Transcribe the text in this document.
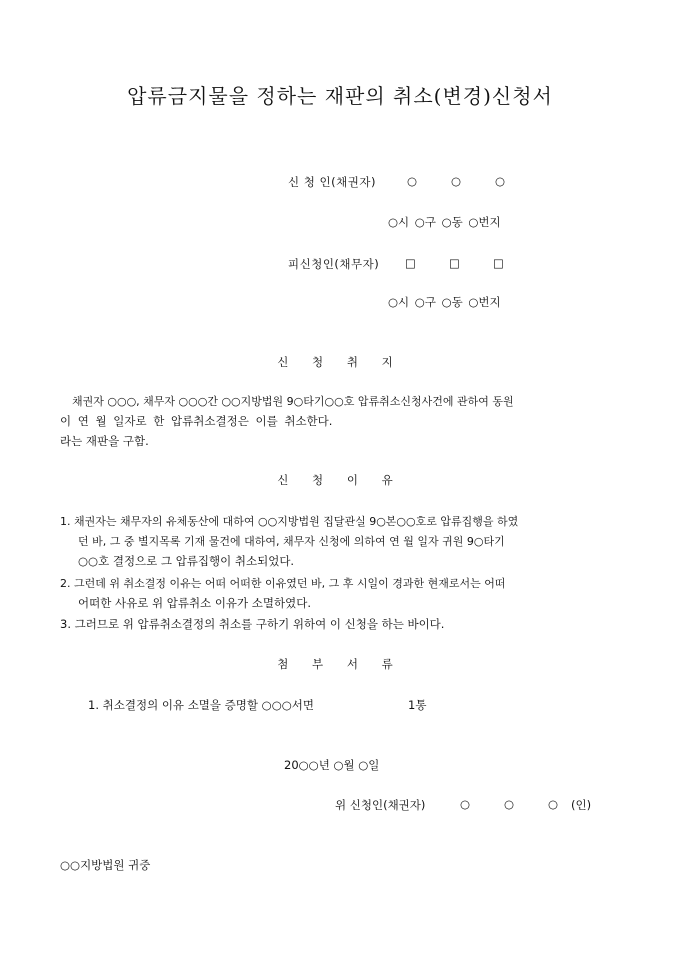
압류금지물을 정하는 재판의 취소(변경)신청서
신 청 인(채권자)	○	○	○
○시 ○구 ○동 ○번지
피신청인(채무자) □	□	□
○시 ○구 ○동 ○번지
신 청 취 지
채권자 ○○○, 채무자 ○○○간 ○○지방법원 9○타기○○호 압류취소신청사건에 관하여 동원
이 연 월 일자로 한 압류취소결정은 이를 취소한다.
라는 재판을 구함.
신 청 이 유
1. 채권자는 채무자의 유체동산에 대하여 ○○지방법원 집달관실 9○본○○호로 압류집행을 하였
던 바, 그 중 별지목록 기재 물건에 대하여, 채무자 신청에 의하여 연 월 일자 귀원 9○타기
○○호 결정으로 그 압류집행이 취소되었다.
2. 그런데 위 취소결정 이유는 어떠 어떠한 이유였던 바, 그 후 시일이 경과한 현재로서는 어떠
어떠한 사유로 위 압류취소 이유가 소멸하였다.
3. 그러므로 위 압류취소결정의 취소를 구하기 위하여 이 신청을 하는 바이다.
첨 부 서 류
1. 취소결정의 이유 소멸을 증명할 ○○○서면	1통
20○○년 ○월 ○일
위 신청인(채권자)	○	○	○ (인)
○○지방법원 귀중
